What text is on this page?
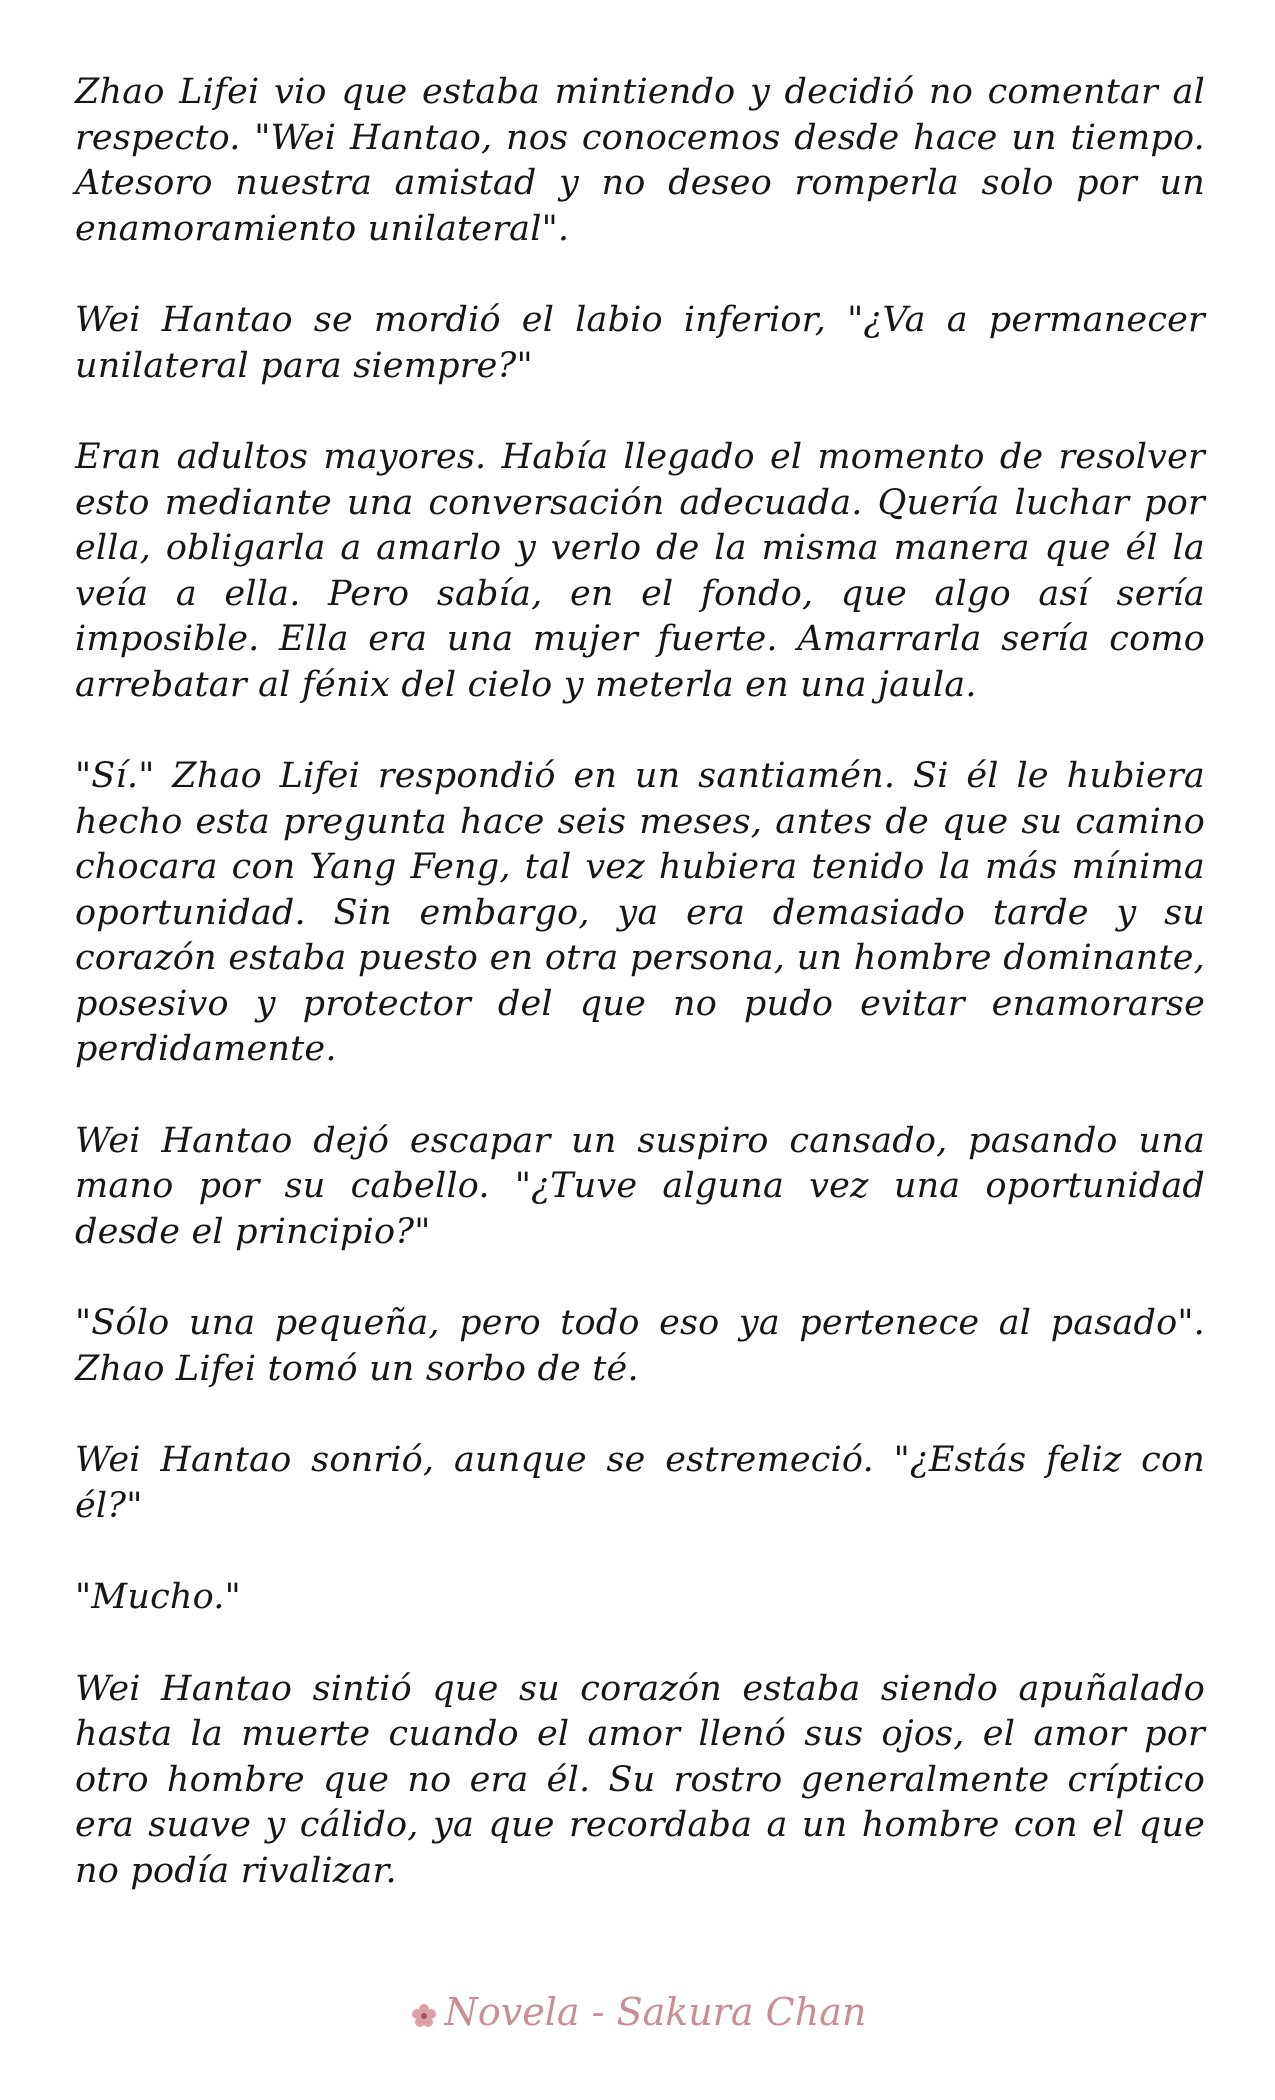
Zhao Lifei vio que estaba mintiendo y decidió no comentar al respecto. "Wei Hantao, nos conocemos desde hace un tiempo. Atesoro nuestra amistad y no deseo romperla solo por un enamoramiento unilateral".

Wei Hantao se mordió el labio inferior, "¿Va a permanecer unilateral para siempre?"

Eran adultos mayores. Había llegado el momento de resolver esto mediante una conversación adecuada. Quería luchar por ella, obligarla a amarlo y verlo de la misma manera que él la veía a ella. Pero sabía, en el fondo, que algo así sería imposible. Ella era una mujer fuerte. Amarrarla sería como arrebatar al fénix del cielo y meterla en una jaula.

"Sí." Zhao Lifei respondió en un santiamén. Si él le hubiera hecho esta pregunta hace seis meses, antes de que su camino chocara con Yang Feng, tal vez hubiera tenido la más mínima oportunidad. Sin embargo, ya era demasiado tarde y su corazón estaba puesto en otra persona, un hombre dominante, posesivo y protector del que no pudo evitar enamorarse perdidamente.

Wei Hantao dejó escapar un suspiro cansado, pasando una mano por su cabello. "¿Tuve alguna vez una oportunidad desde el principio?"

"Sólo una pequeña, pero todo eso ya pertenece al pasado". Zhao Lifei tomó un sorbo de té.

Wei Hantao sonrió, aunque se estremeció. "¿Estás feliz con él?"

"Mucho."

Wei Hantao sintió que su corazón estaba siendo apuñalado hasta la muerte cuando el amor llenó sus ojos, el amor por otro hombre que no era él. Su rostro generalmente críptico era suave y cálido, ya que recordaba a un hombre con el que no podía rivalizar.

Novela - Sakura Chan
